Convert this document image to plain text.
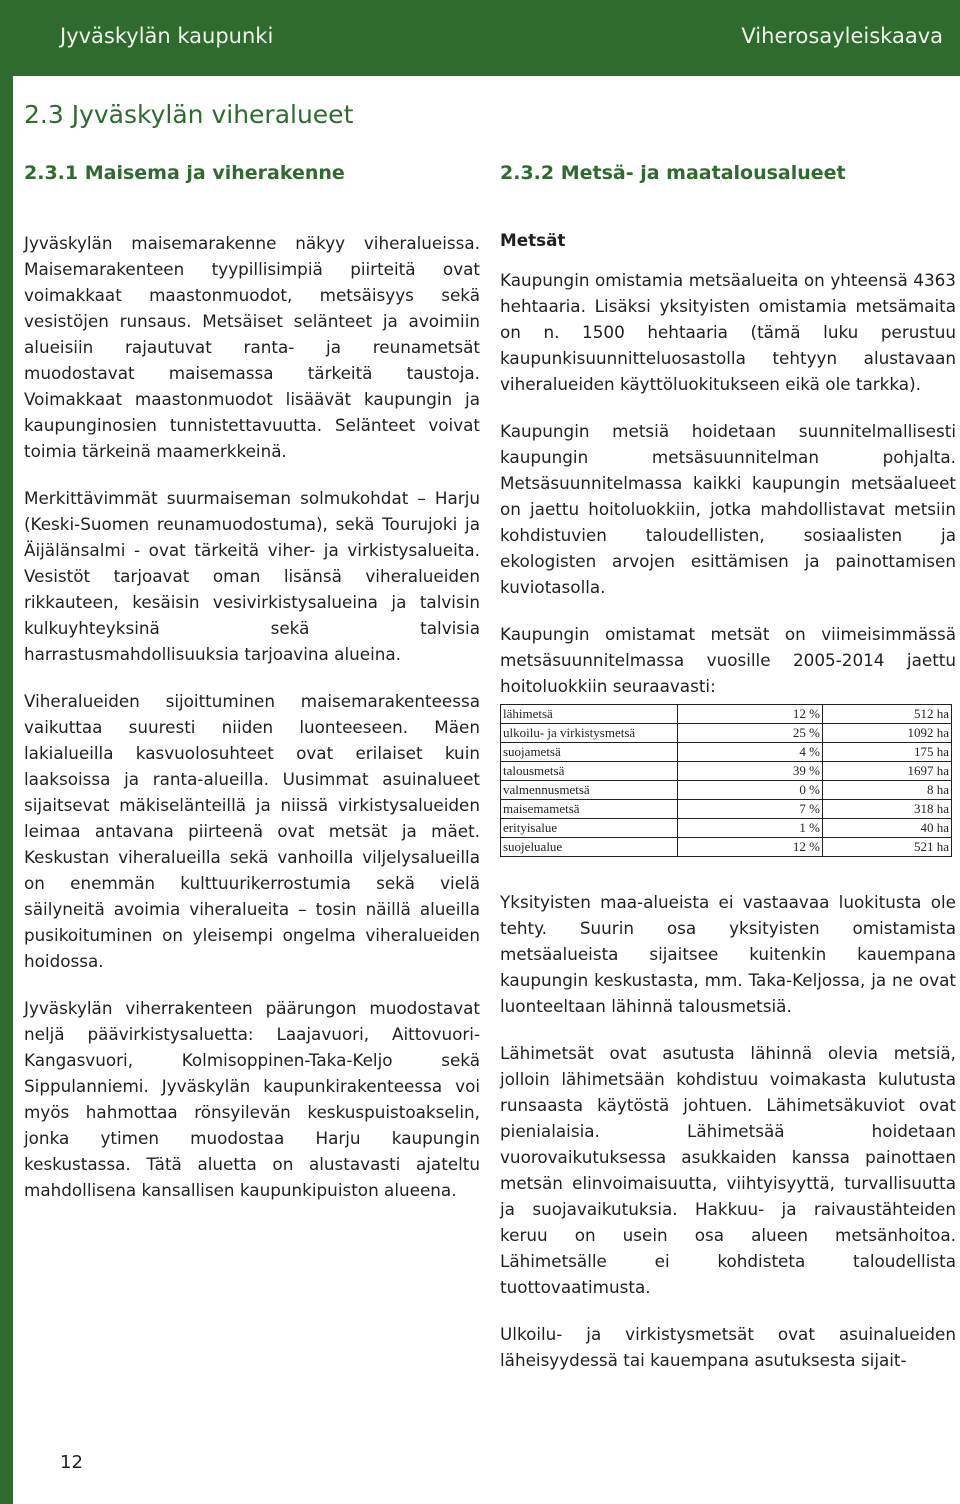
Jyväskylän kaupunki	Viherosayleiskaava
2.3 Jyväskylän viheralueet
2.3.1 Maisema ja viherakenne	2.3.2 Metsä- ja maatalousalueet

Jyväskylän maisemarakenne näkyy viheralueissa. Maisemarakenteen tyypillisimpiä piirteitä ovat voimakkaat maastonmuodot, metsäisyys sekä vesistöjen runsaus. Metsäiset selänteet ja avoimiin alueisiin rajautuvat ranta- ja reunametsät muodostavat maisemassa tärkeitä taustoja. Voimakkaat maastonmuodot lisäävät kaupungin ja kaupunginosien tunnistettavuutta. Selänteet voivat toimia tärkeinä maamerkkeinä.

Merkittävimmät suurmaiseman solmukohdat – Harju (Keski-Suomen reunamuodostuma), sekä Tourujoki ja Äijälänsalmi - ovat tärkeitä viher- ja virkistysalueita. Vesistöt tarjoavat oman lisänsä viheralueiden rikkauteen, kesäisin vesivirkistysalueina ja talvisin kulkuyhteyksinä sekä talvisia harrastusmahdollisuuksia tarjoavina alueina.

Viheralueiden sijoittuminen maisemarakenteessa vaikuttaa suuresti niiden luonteeseen. Mäen lakialueilla kasvuolosuhteet ovat erilaiset kuin laaksoissa ja ranta-alueilla. Uusimmat asuinalueet sijaitsevat mäkiselänteillä ja niissä virkistysalueiden leimaa antavana piirteenä ovat metsät ja mäet. Keskustan viheralueilla sekä vanhoilla viljelysalueilla on enemmän kulttuurikerrostumia sekä vielä säilyneitä avoimia viheralueita – tosin näillä alueilla pusikoituminen on yleisempi ongelma viheralueiden hoidossa.

Jyväskylän viherrakenteen päärungon muodostavat neljä päävirkistysaluetta: Laajavuori, Aittovuori-Kangasvuori, Kolmisoppinen-Taka-Keljo sekä Sippulanniemi. Jyväskylän kaupunkirakenteessa voi myös hahmottaa rönsyilevän keskuspuistoakselin, jonka ytimen muodostaa Harju kaupungin keskustassa. Tätä aluetta on alustavasti ajateltu mahdollisena kansallisen kaupunkipuiston alueena.

Metsät

Kaupungin omistamia metsäalueita on yhteensä 4363 hehtaaria. Lisäksi yksityisten omistamia metsämaita on n. 1500 hehtaaria (tämä luku perustuu kaupunkisuunnitteluosastolla tehtyyn alustavaan viheralueiden käyttöluokitukseen eikä ole tarkka).

Kaupungin metsiä hoidetaan suunnitelmallisesti kaupungin metsäsuunnitelman pohjalta. Metsäsuunnitelmassa kaikki kaupungin metsäalueet on jaettu hoitoluokkiin, jotka mahdollistavat metsiin kohdistuvien taloudellisten, sosiaalisten ja ekologisten arvojen esittämisen ja painottamisen kuviotasolla.

Kaupungin omistamat metsät on viimeisimmässä metsäsuunnitelmassa vuosille 2005-2014 jaettu hoitoluokkiin seuraavasti:

lähimetsä	12 %	512 ha
ulkoilu- ja virkistysmetsä	25 %	1092 ha
suojametsä	4 %	175 ha
talousmetsä	39 %	1697 ha
valmennusmetsä	0 %	8 ha
maisemametsä	7 %	318 ha
erityisalue	1 %	40 ha
suojelualue	12 %	521 ha

Yksityisten maa-alueista ei vastaavaa luokitusta ole tehty. Suurin osa yksityisten omistamista metsäalueista sijaitsee kuitenkin kauempana kaupungin keskustasta, mm. Taka-Keljossa, ja ne ovat luonteeltaan lähinnä talousmetsiä.

Lähimetsät ovat asutusta lähinnä olevia metsiä, jolloin lähimetsään kohdistuu voimakasta kulutusta runsaasta käytöstä johtuen. Lähimetsäkuviot ovat pienialaisia. Lähimetsää hoidetaan vuorovaikutuksessa asukkaiden kanssa painottaen metsän elinvoimaisuutta, viihtyisyyttä, turvallisuutta ja suojavaikutuksia. Hakkuu- ja raivaustähteiden keruu on usein osa alueen metsänhoitoa. Lähimetsälle ei kohdisteta taloudellista tuottovaatimusta.

Ulkoilu- ja virkistysmetsät ovat asuinalueiden läheisyydessä tai kauempana asutuksesta sijait-

12
